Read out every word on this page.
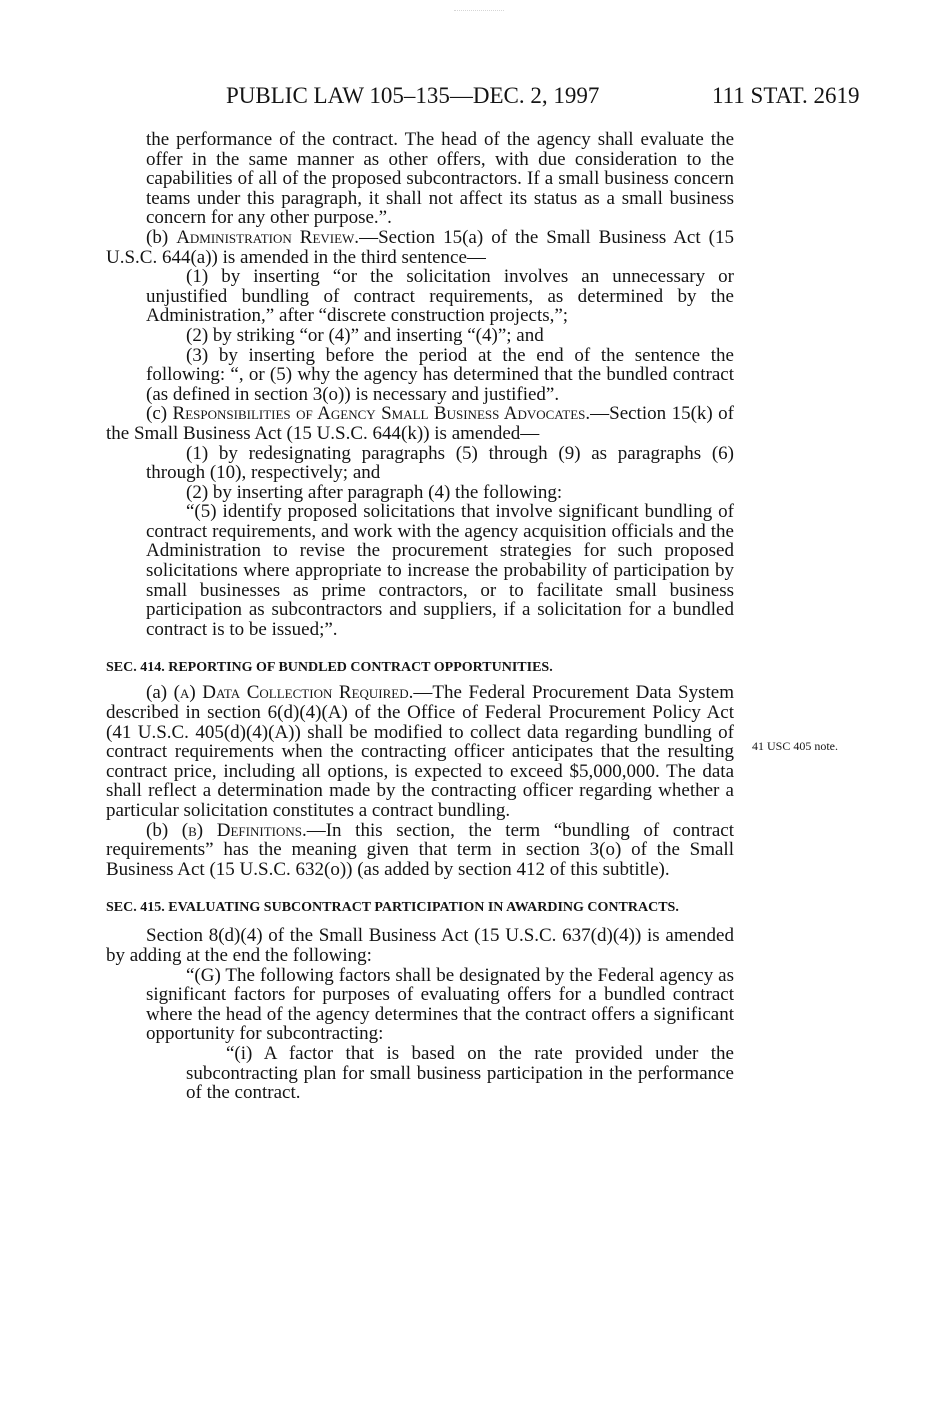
PUBLIC LAW 105–135—DEC. 2, 1997	111 STAT. 2619
41 USC 405 note.

the performance of the contract. The head of the agency shall evaluate the offer in the same manner as other offers, with due consideration to the capabilities of all of the proposed subcontractors. If a small business concern teams under this paragraph, it shall not affect its status as a small business concern for any other purpose.”.

(b) Administration Review.—Section 15(a) of the Small Business Act (15 U.S.C. 644(a)) is amended in the third sentence—

(1) by inserting “or the solicitation involves an unnecessary or unjustified bundling of contract requirements, as determined by the Administration,” after “discrete construction projects,”;

(2) by striking “or (4)” and inserting “(4)”; and

(3) by inserting before the period at the end of the sentence the following: “, or (5) why the agency has determined that the bundled contract (as defined in section 3(o)) is necessary and justified”.

(c) Responsibilities of Agency Small Business Advocates.—Section 15(k) of the Small Business Act (15 U.S.C. 644(k)) is amended—

(1) by redesignating paragraphs (5) through (9) as paragraphs (6) through (10), respectively; and

(2) by inserting after paragraph (4) the following:

“(5) identify proposed solicitations that involve significant bundling of contract requirements, and work with the agency acquisition officials and the Administration to revise the procurement strategies for such proposed solicitations where appropriate to increase the probability of participation by small businesses as prime contractors, or to facilitate small business participation as subcontractors and suppliers, if a solicitation for a bundled contract is to be issued;”.

SEC. 414. REPORTING OF BUNDLED CONTRACT OPPORTUNITIES.

(a) (a) Data Collection Required.—The Federal Procurement Data System described in section 6(d)(4)(A) of the Office of Federal Procurement Policy Act (41 U.S.C. 405(d)(4)(A)) shall be modified to collect data regarding bundling of contract requirements when the contracting officer anticipates that the resulting contract price, including all options, is expected to exceed $5,000,000. The data shall reflect a determination made by the contracting officer regarding whether a particular solicitation constitutes a contract bundling.

(b) (b) Definitions.—In this section, the term “bundling of contract requirements” has the meaning given that term in section 3(o) of the Small Business Act (15 U.S.C. 632(o)) (as added by section 412 of this subtitle).

SEC. 415. EVALUATING SUBCONTRACT PARTICIPATION IN AWARDING CONTRACTS.

Section 8(d)(4) of the Small Business Act (15 U.S.C. 637(d)(4)) is amended by adding at the end the following:

“(G) The following factors shall be designated by the Federal agency as significant factors for purposes of evaluating offers for a bundled contract where the head of the agency determines that the contract offers a significant opportunity for subcontracting:

“(i) A factor that is based on the rate provided under the subcontracting plan for small business participation in the performance of the contract.
